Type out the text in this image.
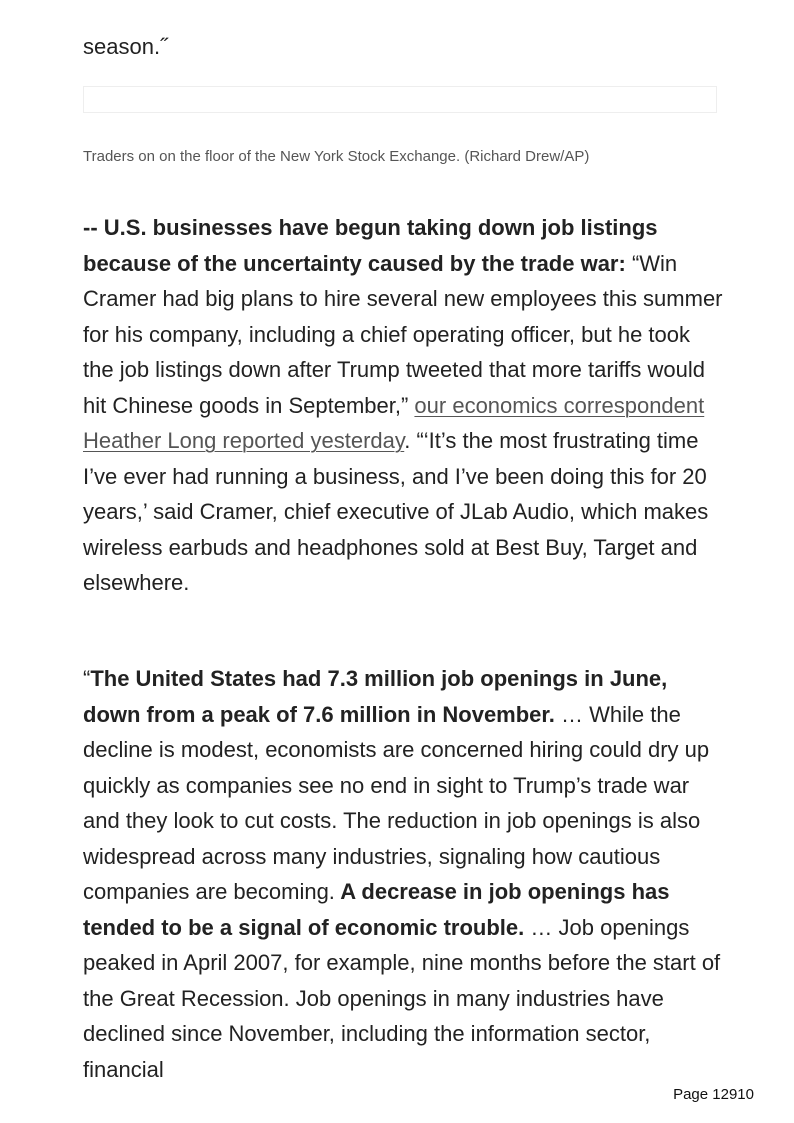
season.˝

Traders on on the floor of the New York Stock Exchange. (Richard Drew/AP)

-- U.S. businesses have begun taking down job listings because of the uncertainty caused by the trade war: “Win Cramer had big plans to hire several new employees this summer for his company, including a chief operating officer, but he took the job listings down after Trump tweeted that more tariffs would hit Chinese goods in September,” our economics correspondent Heather Long reported yesterday. “‘It’s the most frustrating time I’ve ever had running a business, and I’ve been doing this for 20 years,’ said Cramer, chief executive of JLab Audio, which makes wireless earbuds and headphones sold at Best Buy, Target and elsewhere.

“The United States had 7.3 million job openings in June, down from a peak of 7.6 million in November. … While the decline is modest, economists are concerned hiring could dry up quickly as companies see no end in sight to Trump’s trade war and they look to cut costs. The reduction in job openings is also widespread across many industries, signaling how cautious companies are becoming. A decrease in job openings has tended to be a signal of economic trouble. … Job openings peaked in April 2007, for example, nine months before the start of the Great Recession. Job openings in many industries have declined since November, including the information sector, financial

Page 12910
